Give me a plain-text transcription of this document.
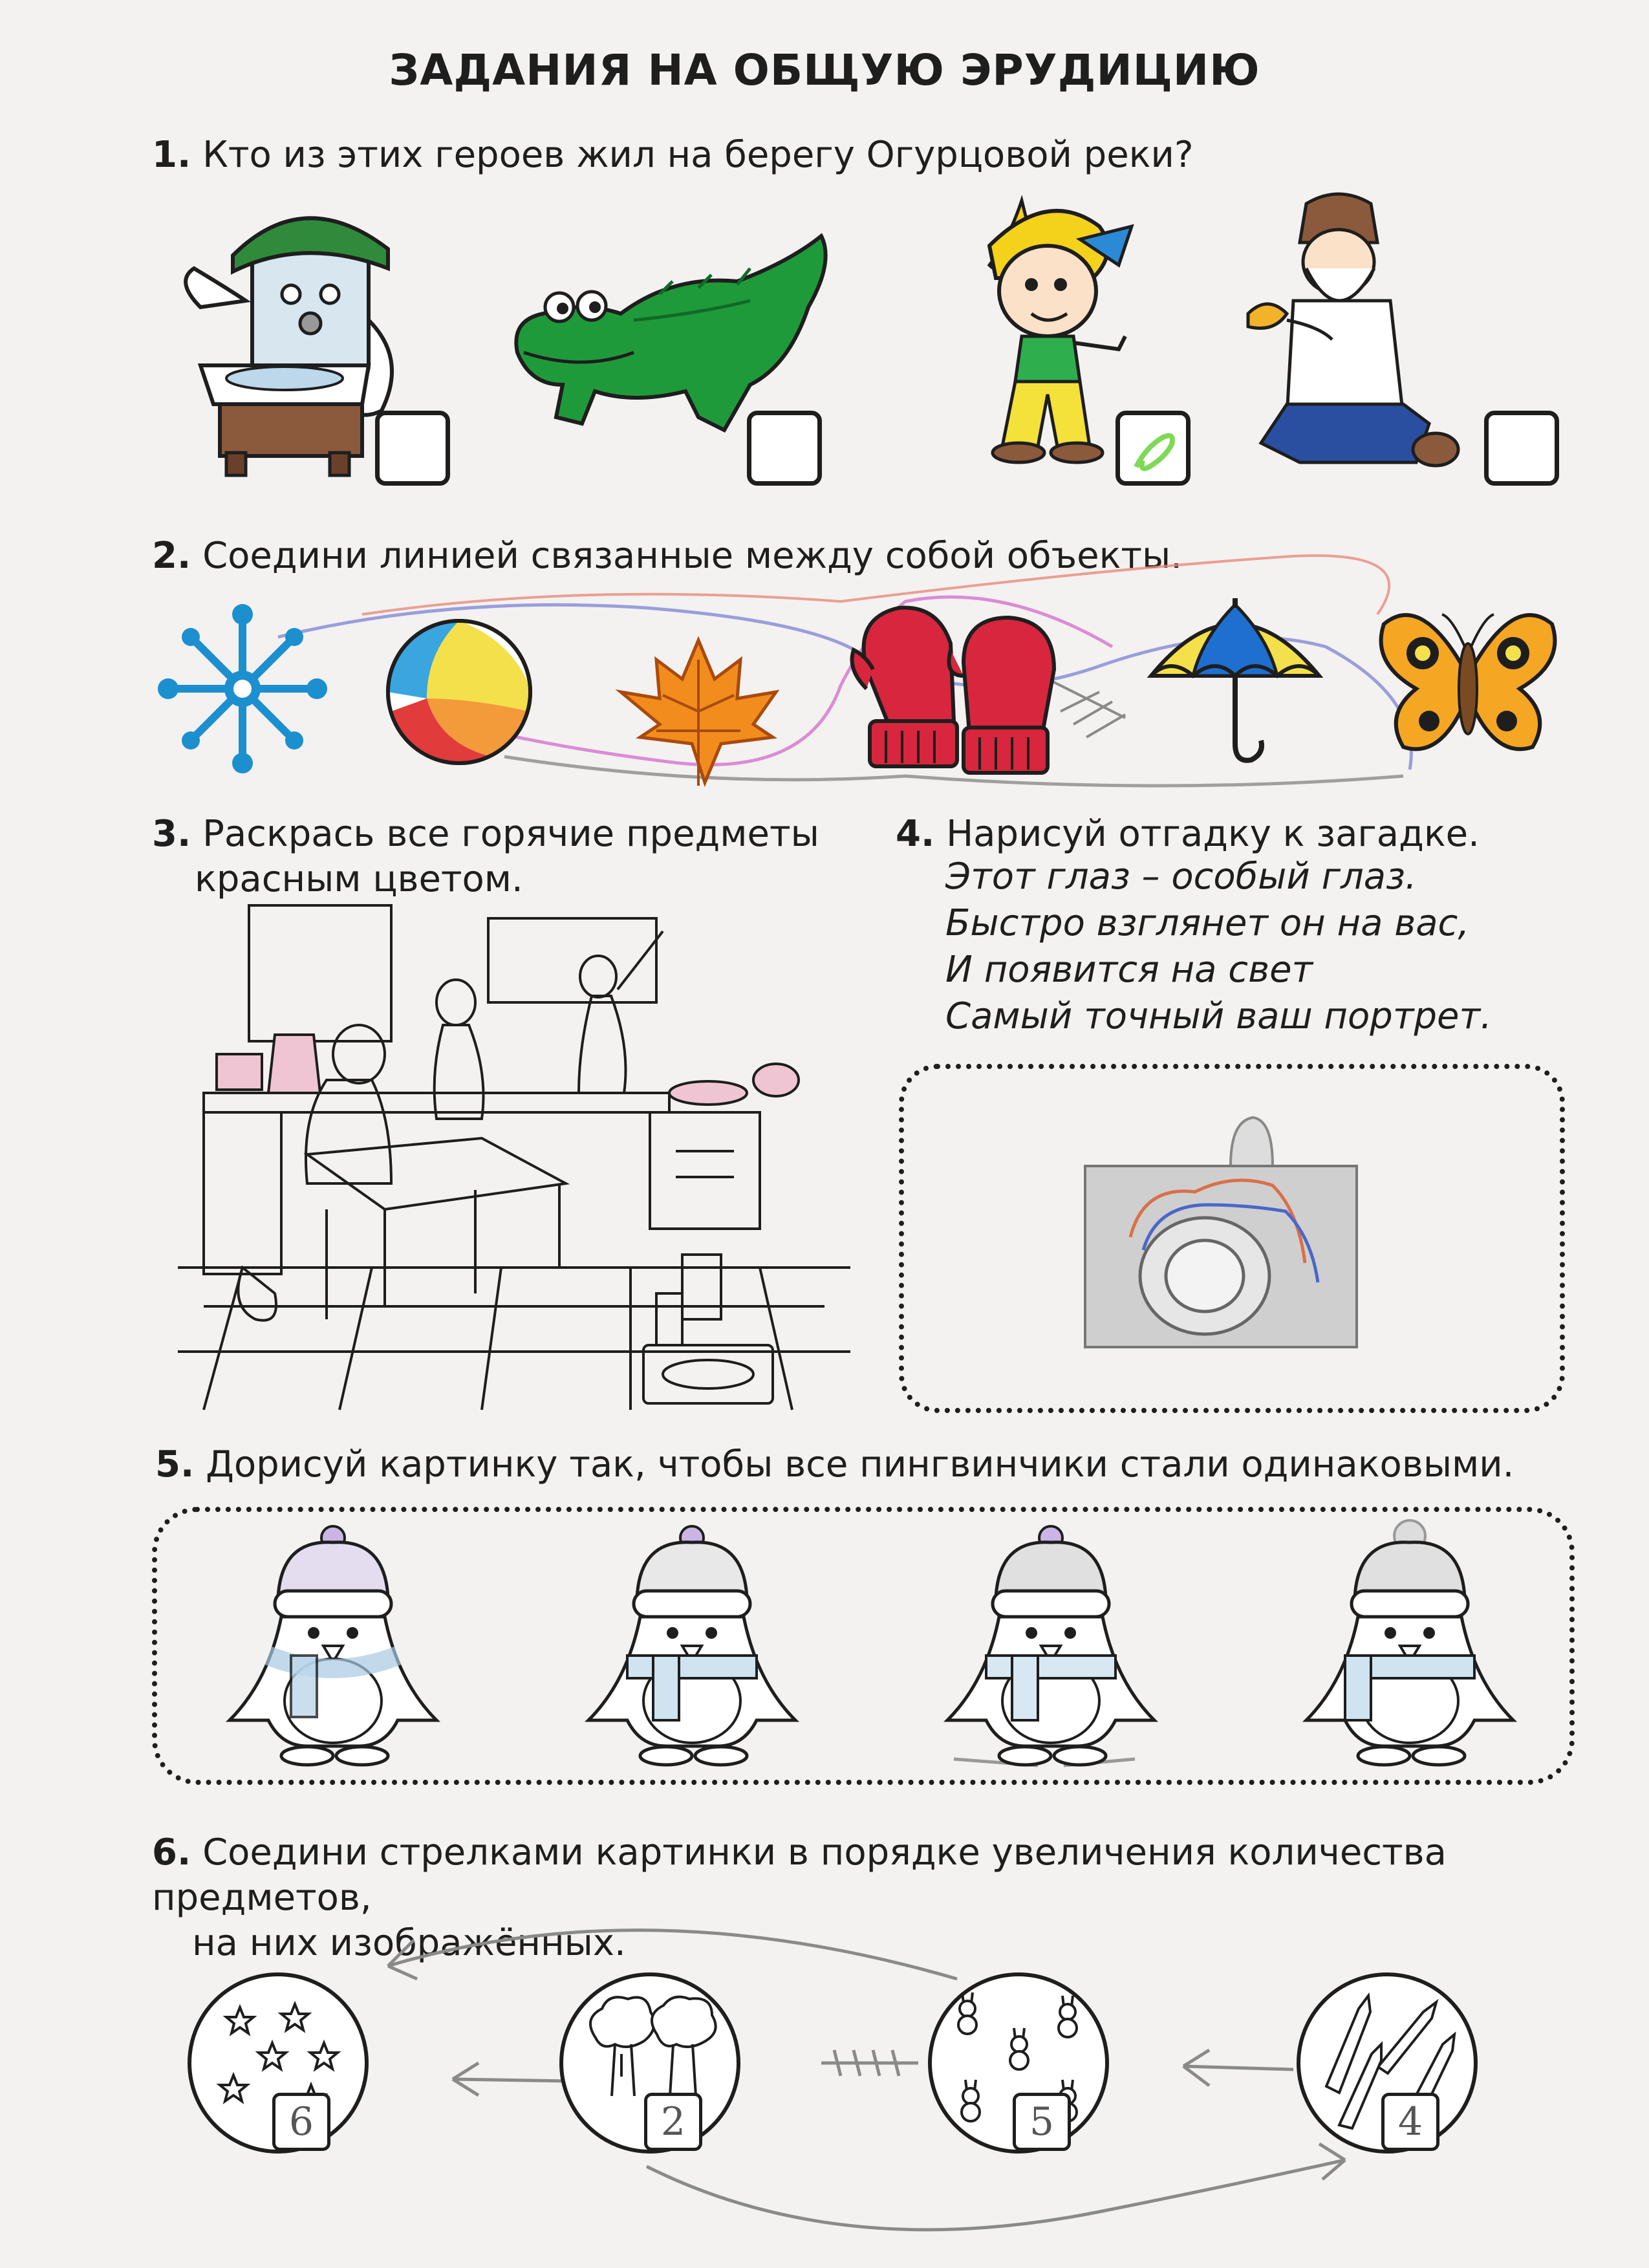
ЗАДАНИЯ НА ОБЩУЮ ЭРУДИЦИЮ
1. Кто из этих героев жил на берегу Огурцовой реки?
2. Соедини линией связанные между собой объекты.
3. Раскрась все горячие предметы
красным цветом.
4. Нарисуй отгадку к загадке.
Этот глаз – особый глаз.
Быстро взглянет он на вас,
И появится на свет
Самый точный ваш портрет.
5. Дорисуй картинку так, чтобы все пингвинчики стали одинаковыми.
6. Соедини стрелками картинки в порядке увеличения количества предметов,
на них изображённых.
6	2	5	4
